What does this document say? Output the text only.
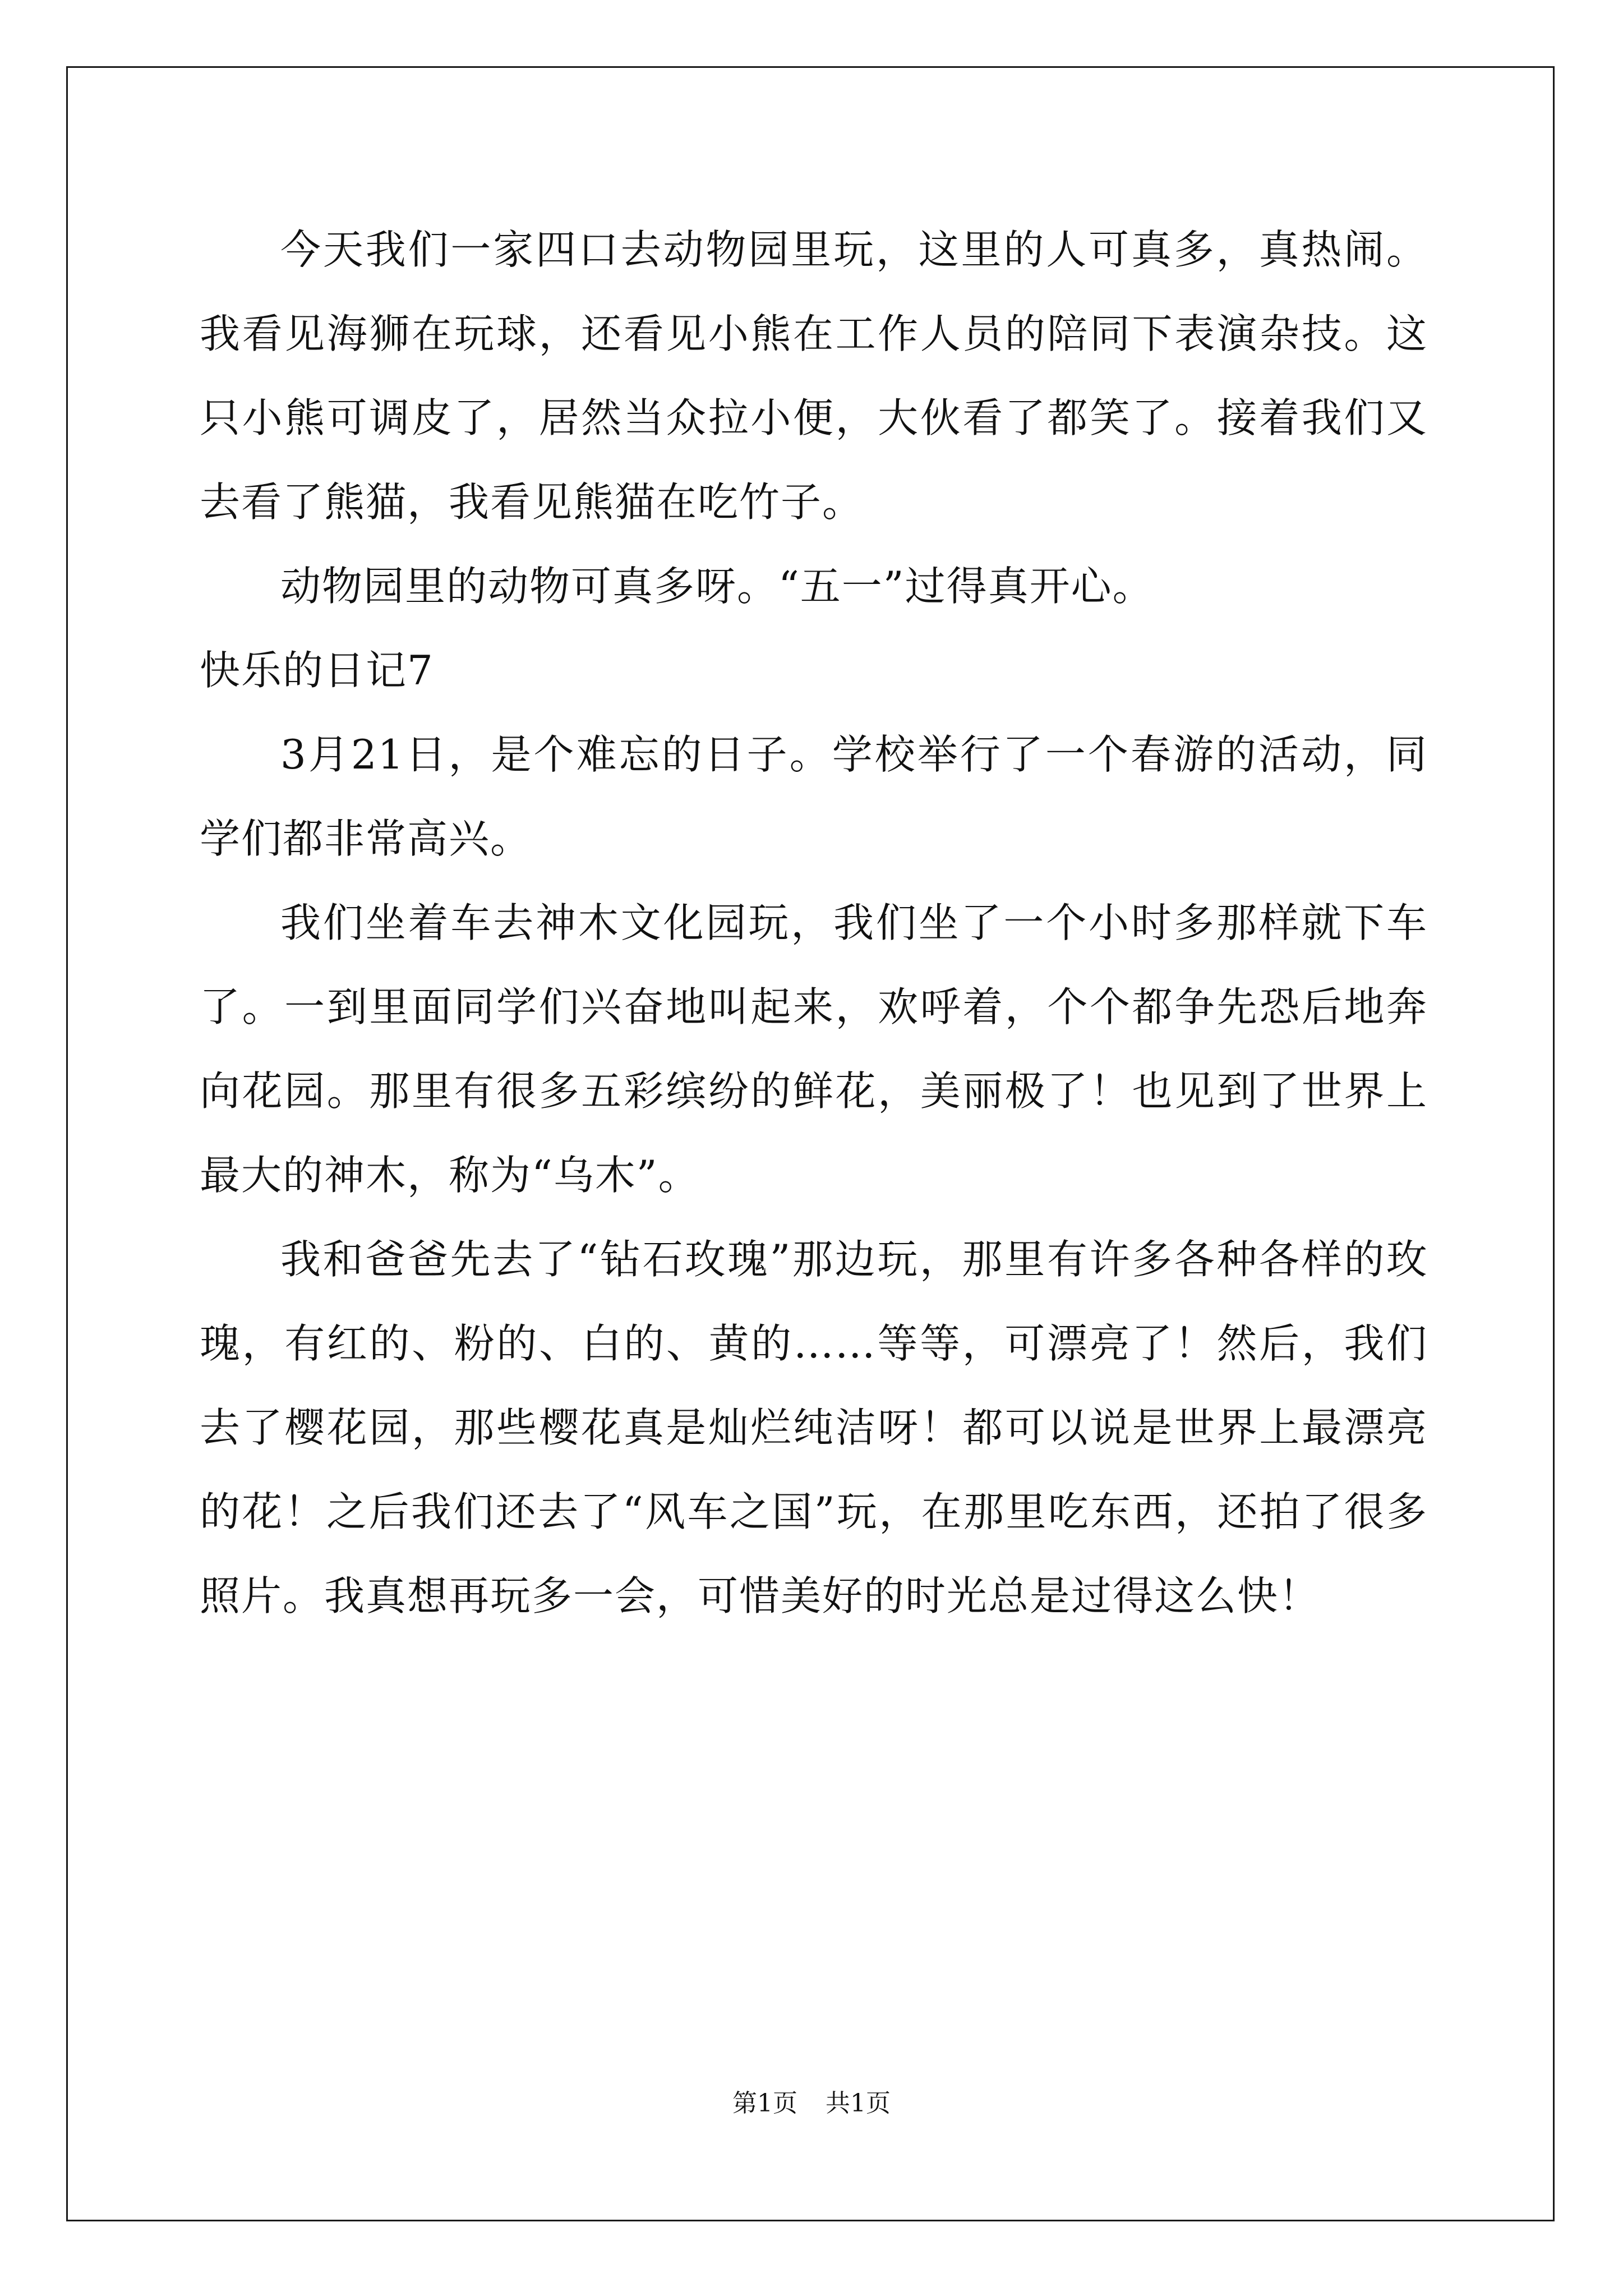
今天我们一家四口去动物园里玩，这里的人可真多，真热闹。我看见海狮在玩球，还看见小熊在工作人员的陪同下表演杂技。这只小熊可调皮了，居然当众拉小便，大伙看了都笑了。接着我们又去看了熊猫，我看见熊猫在吃竹子。

动物园里的动物可真多呀。“五一”过得真开心。

快乐的日记7

3月21日，是个难忘的日子。学校举行了一个春游的活动，同学们都非常高兴。

我们坐着车去神木文化园玩，我们坐了一个小时多那样就下车了。一到里面同学们兴奋地叫起来，欢呼着，个个都争先恐后地奔向花园。那里有很多五彩缤纷的鲜花，美丽极了！也见到了世界上最大的神木，称为“乌木”。

我和爸爸先去了“钻石玫瑰”那边玩，那里有许多各种各样的玫瑰，有红的、粉的、白的、黄的……等等，可漂亮了！然后，我们去了樱花园，那些樱花真是灿烂纯洁呀！都可以说是世界上最漂亮的花！之后我们还去了“风车之国”玩，在那里吃东西，还拍了很多照片。我真想再玩多一会，可惜美好的时光总是过得这么快！

第1页 共1页
